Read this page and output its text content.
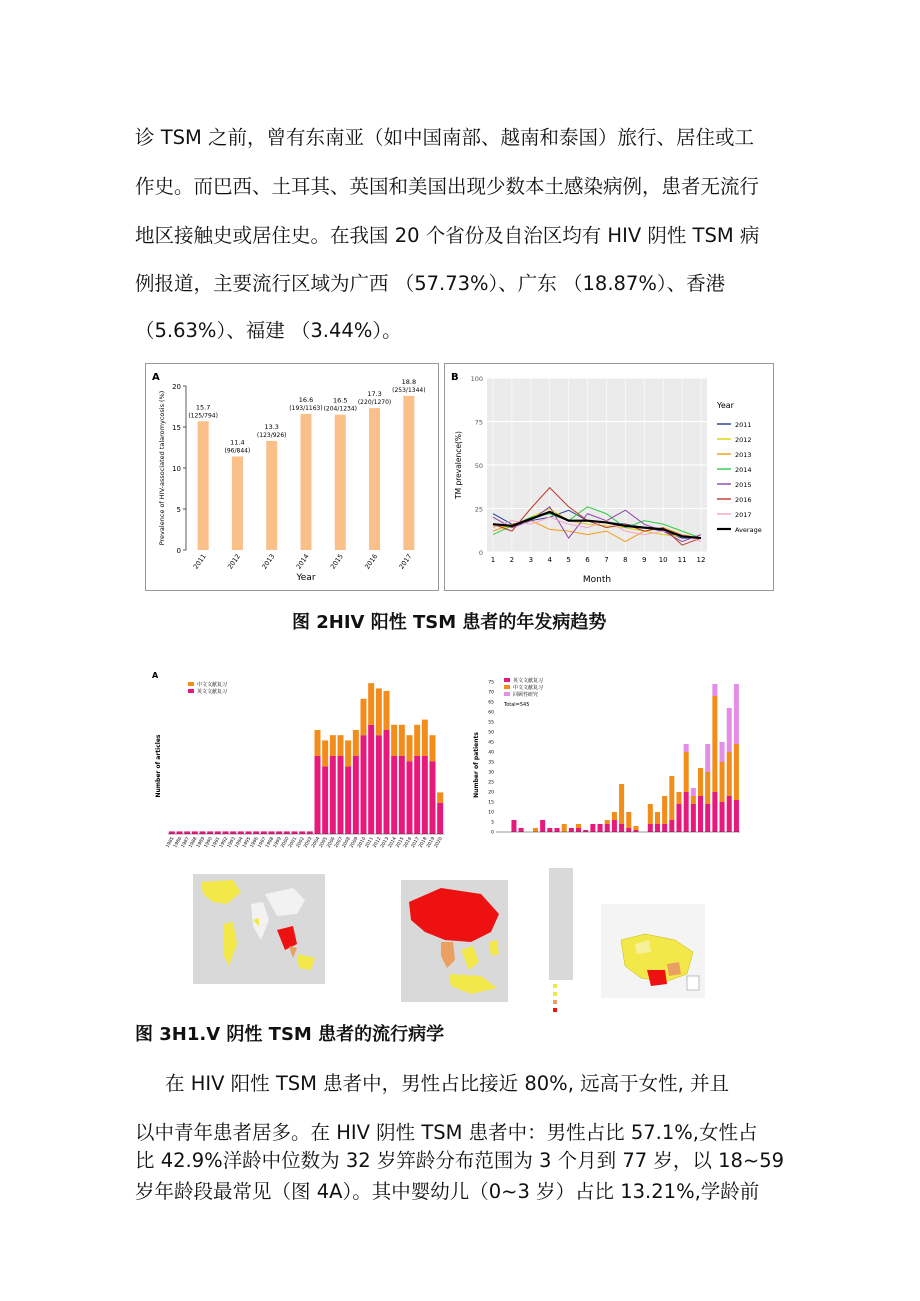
诊 TSM 之前，曾有东南亚（如中国南部、越南和泰国）旅行、居住或工
作史。而巴西、土耳其、英国和美国出现少数本土感染病例，患者无流行
地区接触史或居住史。在我国 20 个省份及自治区均有 HIV 阴性 TSM 病
例报道，主要流行区域为广西 （57.73%）、广东 （18.87%）、香港
（5.63%）、福建 （3.44%）。
A
0
5
10
15
20
Prevalence of HIV-associated talaromycosis (%)	15.7
(125/794)
2011
11.4
(96/844)
2012
13.3
(123/926)
2013
16.6
(193/1163)
2014
16.5
(204/1234)
2015
17.3
(220/1270)
2016
18.8
(253/1344)
2017
Year
0
25
50
75
100
1 2 3 4 5 6 7 8 9 10 11 12
B
TM prevalence(%)
Month
Year
2011
2012
2013
2014
2015
2016
2017
Average
图 2HIV 阳性 TSM 患者的年发病趋势
A
Number of articles
1985
1986
1987
1988
1989
1990
1991
1992
1993
1994
1995
1996
1997
1998
1999
2000
2001
2002
2003
2004
2005
2006
2007
2008
2009
2010
2011
2012
2013
2014
2015
2016
2017
2018
2019
2020
中文文献复习
英文文献复习
0
5
10
15
20
25
30
35
40
45
50
55
60
65
70
75
Number of patients
英文文献复习
中文文献复习
回顾性研究
Total=545
图 3H1.V 阴性 TSM 患者的流行病学
在 HIV 阳性 TSM 患者中，男性占比接近 80%, 远高于女性, 并且
以中青年患者居多。在 HIV 阴性 TSM 患者中：男性占比 57.1%,女性占
比 42.9%洋龄中位数为 32 岁笄龄分布范围为 3 个月到 77 岁，以 18~59
岁年龄段最常见（图 4A）。其中婴幼儿（0~3 岁）占比 13.21%,学龄前
